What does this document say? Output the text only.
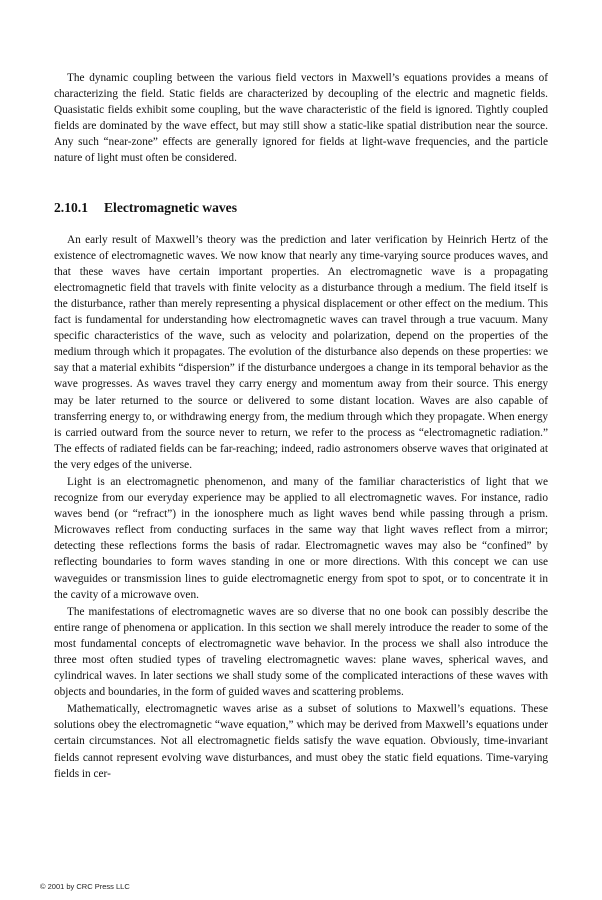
The dynamic coupling between the various field vectors in Maxwell’s equations provides a means of characterizing the field. Static fields are characterized by decoupling of the electric and magnetic fields. Quasistatic fields exhibit some coupling, but the wave characteristic of the field is ignored. Tightly coupled fields are dominated by the wave effect, but may still show a static-like spatial distribution near the source. Any such “near-zone” effects are generally ignored for fields at light-wave frequencies, and the particle nature of light must often be considered.

2.10.1 Electromagnetic waves

An early result of Maxwell’s theory was the prediction and later verification by Heinrich Hertz of the existence of electromagnetic waves. We now know that nearly any time-varying source produces waves, and that these waves have certain important properties. An electromagnetic wave is a propagating electromagnetic field that travels with finite velocity as a disturbance through a medium. The field itself is the disturbance, rather than merely representing a physical displacement or other effect on the medium. This fact is fundamental for understanding how electromagnetic waves can travel through a true vacuum. Many specific characteristics of the wave, such as velocity and polarization, depend on the properties of the medium through which it propagates. The evolution of the disturbance also depends on these properties: we say that a material exhibits “dispersion” if the disturbance undergoes a change in its temporal behavior as the wave progresses. As waves travel they carry energy and momentum away from their source. This energy may be later returned to the source or delivered to some distant location. Waves are also capable of transferring energy to, or withdrawing energy from, the medium through which they propagate. When energy is carried outward from the source never to return, we refer to the process as “electromagnetic radiation.” The effects of radiated fields can be far-reaching; indeed, radio astronomers observe waves that originated at the very edges of the universe.

Light is an electromagnetic phenomenon, and many of the familiar characteristics of light that we recognize from our everyday experience may be applied to all electromagnetic waves. For instance, radio waves bend (or “refract”) in the ionosphere much as light waves bend while passing through a prism. Microwaves reflect from conducting surfaces in the same way that light waves reflect from a mirror; detecting these reflections forms the basis of radar. Electromagnetic waves may also be “confined” by reflecting boundaries to form waves standing in one or more directions. With this concept we can use waveguides or transmission lines to guide electromagnetic energy from spot to spot, or to concentrate it in the cavity of a microwave oven.

The manifestations of electromagnetic waves are so diverse that no one book can possibly describe the entire range of phenomena or application. In this section we shall merely introduce the reader to some of the most fundamental concepts of electromagnetic wave behavior. In the process we shall also introduce the three most often studied types of traveling electromagnetic waves: plane waves, spherical waves, and cylindrical waves. In later sections we shall study some of the complicated interactions of these waves with objects and boundaries, in the form of guided waves and scattering problems.

Mathematically, electromagnetic waves arise as a subset of solutions to Maxwell’s equations. These solutions obey the electromagnetic “wave equation,” which may be derived from Maxwell’s equations under certain circumstances. Not all electromagnetic fields satisfy the wave equation. Obviously, time-invariant fields cannot represent evolving wave disturbances, and must obey the static field equations. Time-varying fields in cer-

© 2001 by CRC Press LLC
